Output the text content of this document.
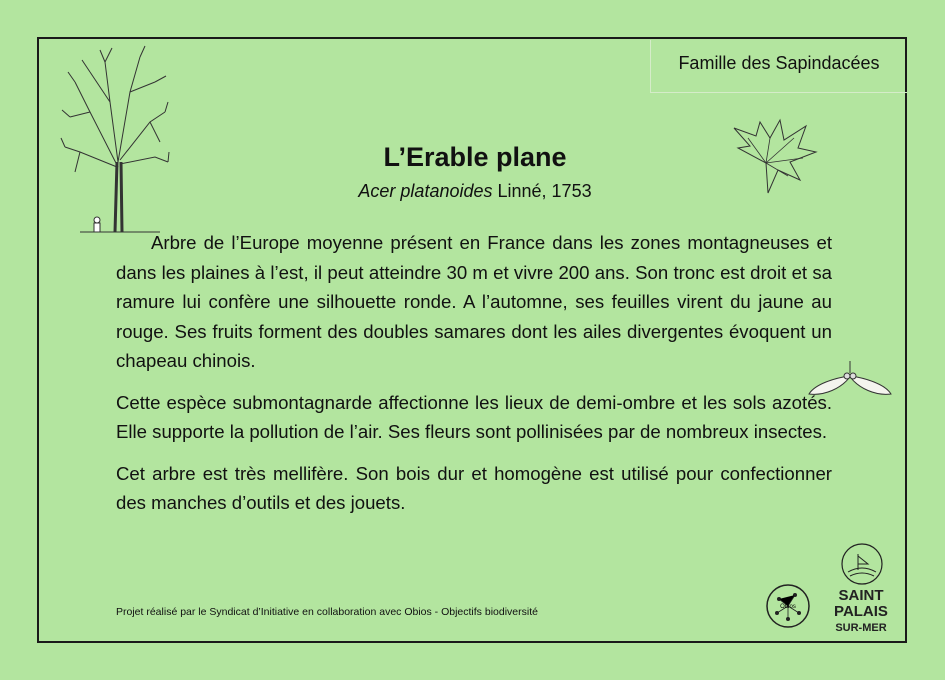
Famille des Sapindacées
L’Erable plane
Acer platanoides Linné, 1753

Arbre de l’Europe moyenne présent en France dans les zones montagneuses et dans les plaines à l’est, il peut atteindre 30 m et vivre 200 ans. Son tronc est droit et sa ramure lui confère une silhouette ronde. A l’automne, ses feuilles virent du jaune au rouge. Ses fruits forment des doubles samares dont les ailes divergentes évoquent un chapeau chinois.

Cette espèce submontagnarde affectionne les lieux de demi-ombre et les sols azotés. Elle supporte la pollution de l’air. Ses fleurs sont pollinisées par de nombreux insectes.

Cet arbre est très mellifère. Son bois dur et homogène est utilisé pour confectionner des manches d’outils et des jouets.

Projet réalisé par le Syndicat d’Initiative en collaboration avec Obios - Objectifs biodiversité	Obios
SAINT
PALAIS
SUR-MER
